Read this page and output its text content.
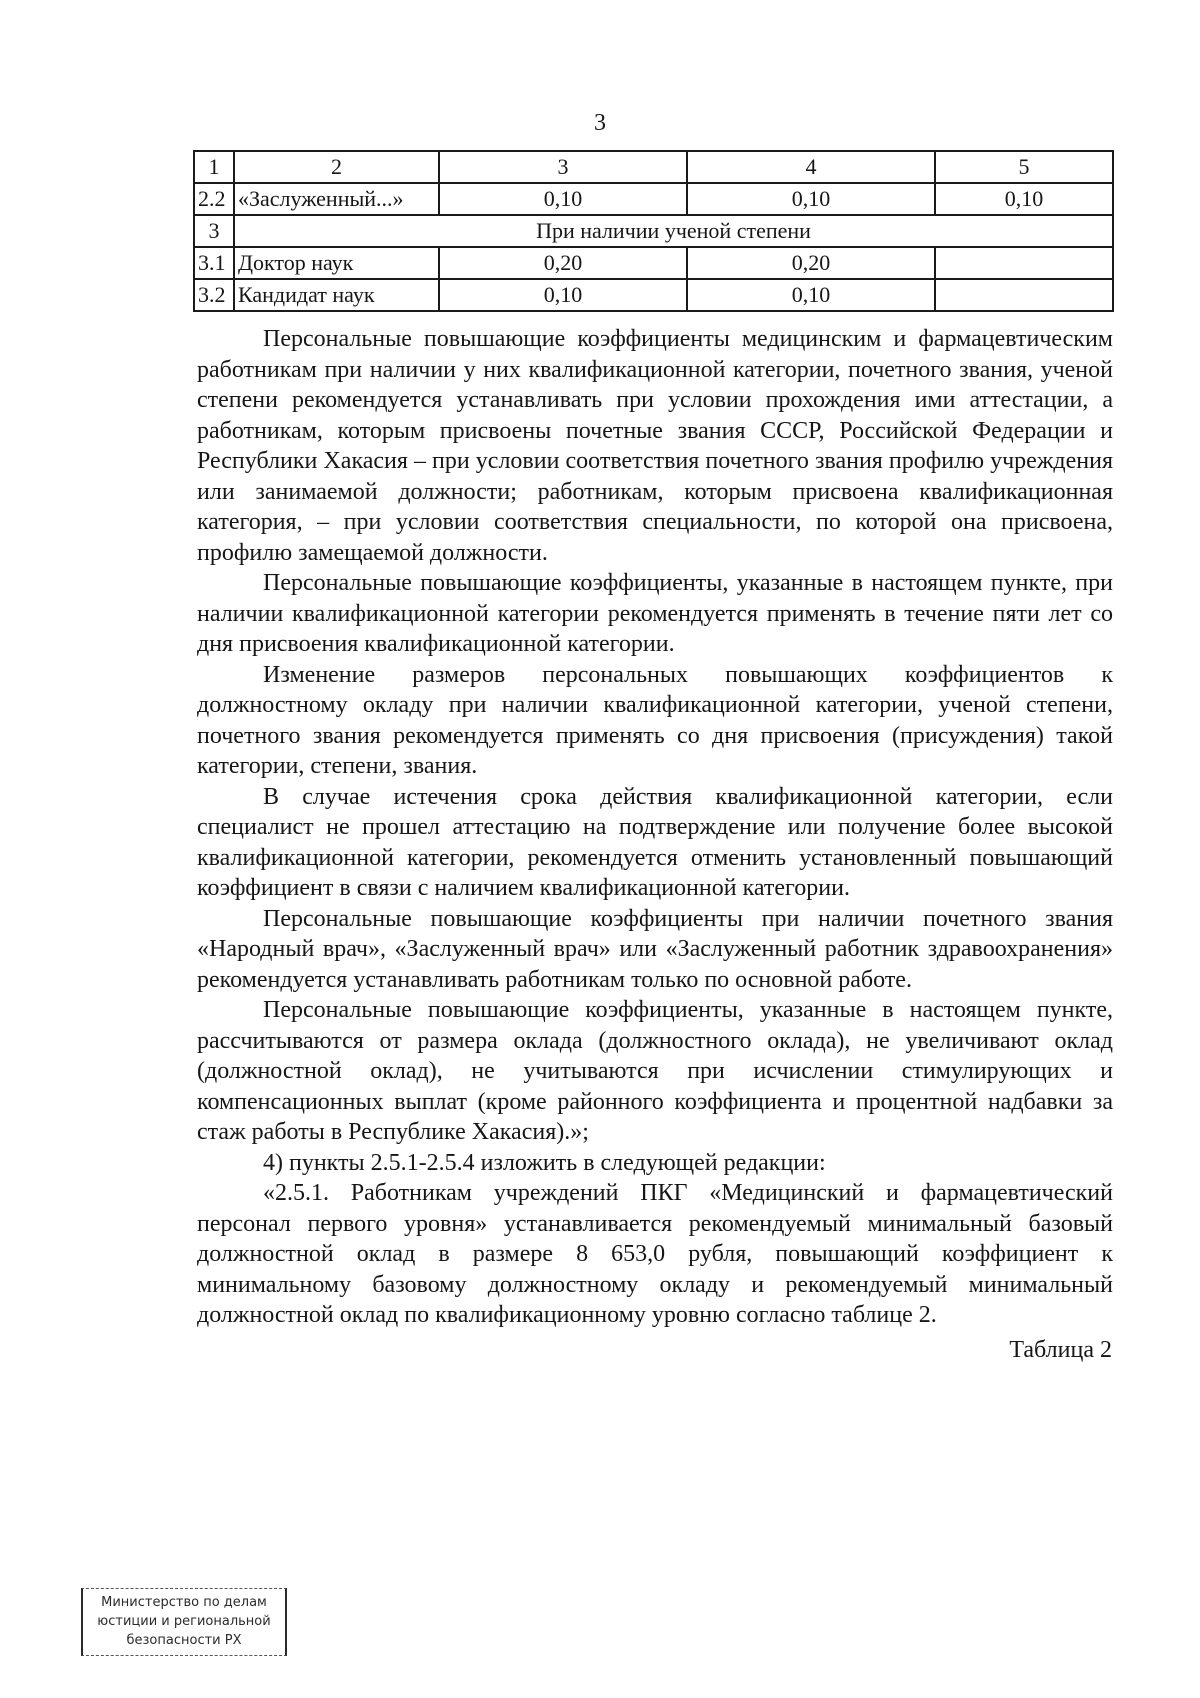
3
1	2	3	4	5
2.2	«Заслуженный...»	0,10	0,10	0,10
3	При наличии ученой степени			
3.1	Доктор наук	0,20	0,20	
3.2	Кандидат наук	0,10	0,10	

Персональные повышающие коэффициенты медицинским и фармацевтическим работникам при наличии у них квалификационной категории, почетного звания, ученой степени рекомендуется устанавливать при условии прохождения ими аттестации, а работникам, которым присвоены почетные звания СССР, Российской Федерации и Республики Хакасия – при условии соответствия почетного звания профилю учреждения или занимаемой должности; работникам, которым присвоена квалификационная категория, – при условии соответствия специальности, по которой она присвоена, профилю замещаемой должности.

Персональные повышающие коэффициенты, указанные в настоящем пункте, при наличии квалификационной категории рекомендуется применять в течение пяти лет со дня присвоения квалификационной категории.

Изменение размеров персональных повышающих коэффициентов к должностному окладу при наличии квалификационной категории, ученой степени, почетного звания рекомендуется применять со дня присвоения (присуждения) такой категории, степени, звания.

В случае истечения срока действия квалификационной категории, если специалист не прошел аттестацию на подтверждение или получение более высокой квалификационной категории, рекомендуется отменить установленный повышающий коэффициент в связи с наличием квалификационной категории.

Персональные повышающие коэффициенты при наличии почетного звания «Народный врач», «Заслуженный врач» или «Заслуженный работник здравоохранения» рекомендуется устанавливать работникам только по основной работе.

Персональные повышающие коэффициенты, указанные в настоящем пункте, рассчитываются от размера оклада (должностного оклада), не увеличивают оклад (должностной оклад), не учитываются при исчислении стимулирующих и компенсационных выплат (кроме районного коэффициента и процентной надбавки за стаж работы в Республике Хакасия).»;

4) пункты 2.5.1-2.5.4 изложить в следующей редакции:

«2.5.1. Работникам учреждений ПКГ «Медицинский и фармацевтический персонал первого уровня» устанавливается рекомендуемый минимальный базовый должностной оклад в размере 8 653,0 рубля, повышающий коэффициент к минимальному базовому должностному окладу и рекомендуемый минимальный должностной оклад по квалификационному уровню согласно таблице 2.

Таблица 2
Министерство по делам
юстиции и региональной
безопасности РХ
